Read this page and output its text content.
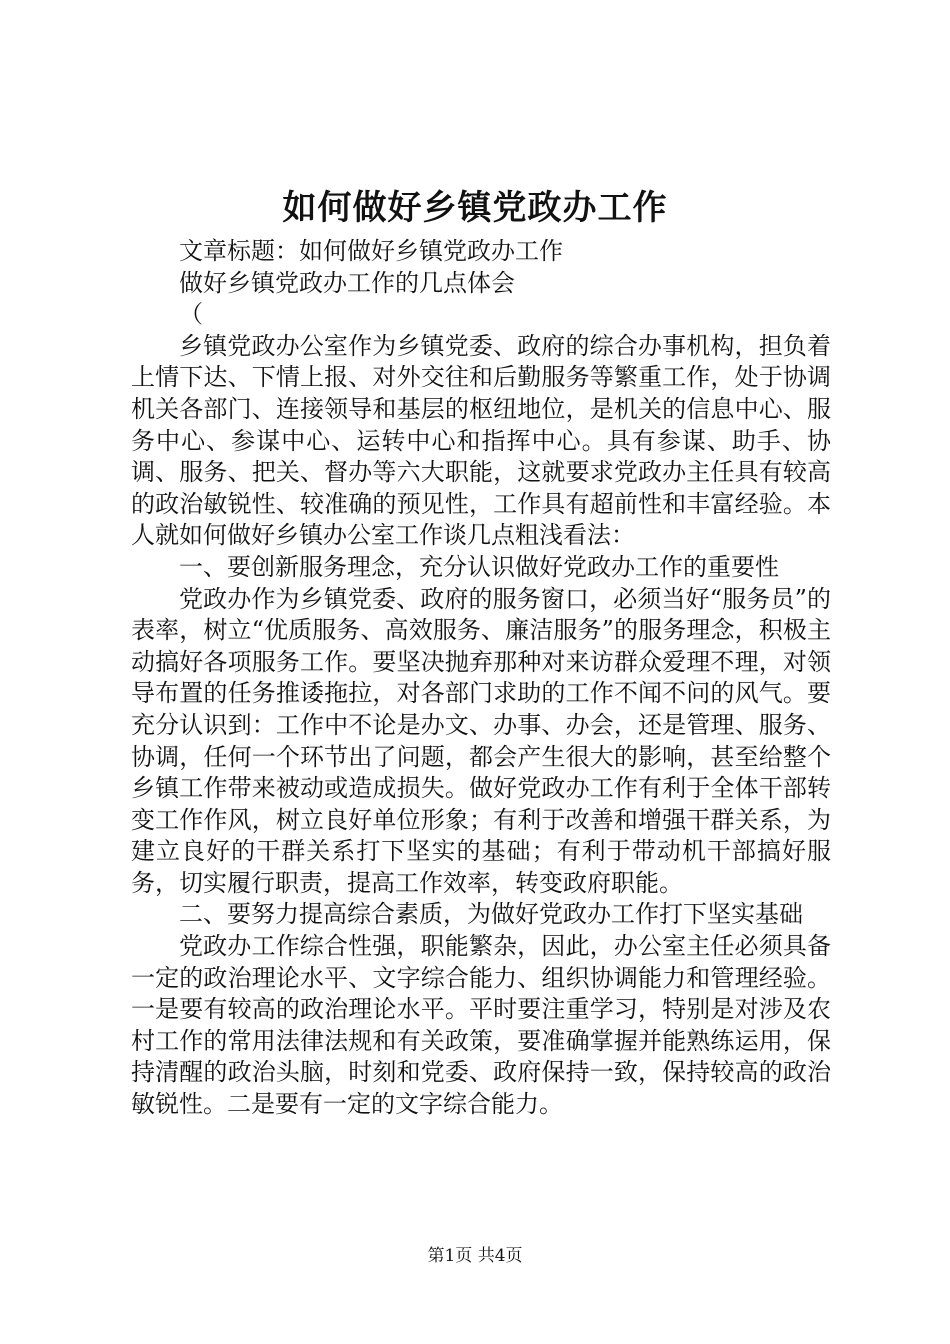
如何做好乡镇党政办工作

文章标题：如何做好乡镇党政办工作

做好乡镇党政办工作的几点体会

（

乡镇党政办公室作为乡镇党委、政府的综合办事机构，担负着上情下达、下情上报、对外交往和后勤服务等繁重工作，处于协调机关各部门、连接领导和基层的枢纽地位，是机关的信息中心、服务中心、参谋中心、运转中心和指挥中心。具有参谋、助手、协调、服务、把关、督办等六大职能，这就要求党政办主任具有较高的政治敏锐性、较准确的预见性，工作具有超前性和丰富经验。本人就如何做好乡镇办公室工作谈几点粗浅看法：

一、要创新服务理念，充分认识做好党政办工作的重要性

党政办作为乡镇党委、政府的服务窗口，必须当好“服务员”的表率，树立“优质服务、高效服务、廉洁服务”的服务理念，积极主动搞好各项服务工作。要坚决抛弃那种对来访群众爱理不理，对领导布置的任务推诿拖拉，对各部门求助的工作不闻不问的风气。要充分认识到：工作中不论是办文、办事、办会，还是管理、服务、协调，任何一个环节出了问题，都会产生很大的影响，甚至给整个乡镇工作带来被动或造成损失。做好党政办工作有利于全体干部转变工作作风，树立良好单位形象；有利于改善和增强干群关系，为建立良好的干群关系打下坚实的基础；有利于带动机干部搞好服务，切实履行职责，提高工作效率，转变政府职能。

二、要努力提高综合素质，为做好党政办工作打下坚实基础

党政办工作综合性强，职能繁杂，因此，办公室主任必须具备一定的政治理论水平、文字综合能力、组织协调能力和管理经验。一是要有较高的政治理论水平。平时要注重学习，特别是对涉及农村工作的常用法律法规和有关政策，要准确掌握并能熟练运用，保持清醒的政治头脑，时刻和党委、政府保持一致，保持较高的政治敏锐性。二是要有一定的文字综合能力。

第1页 共4页
